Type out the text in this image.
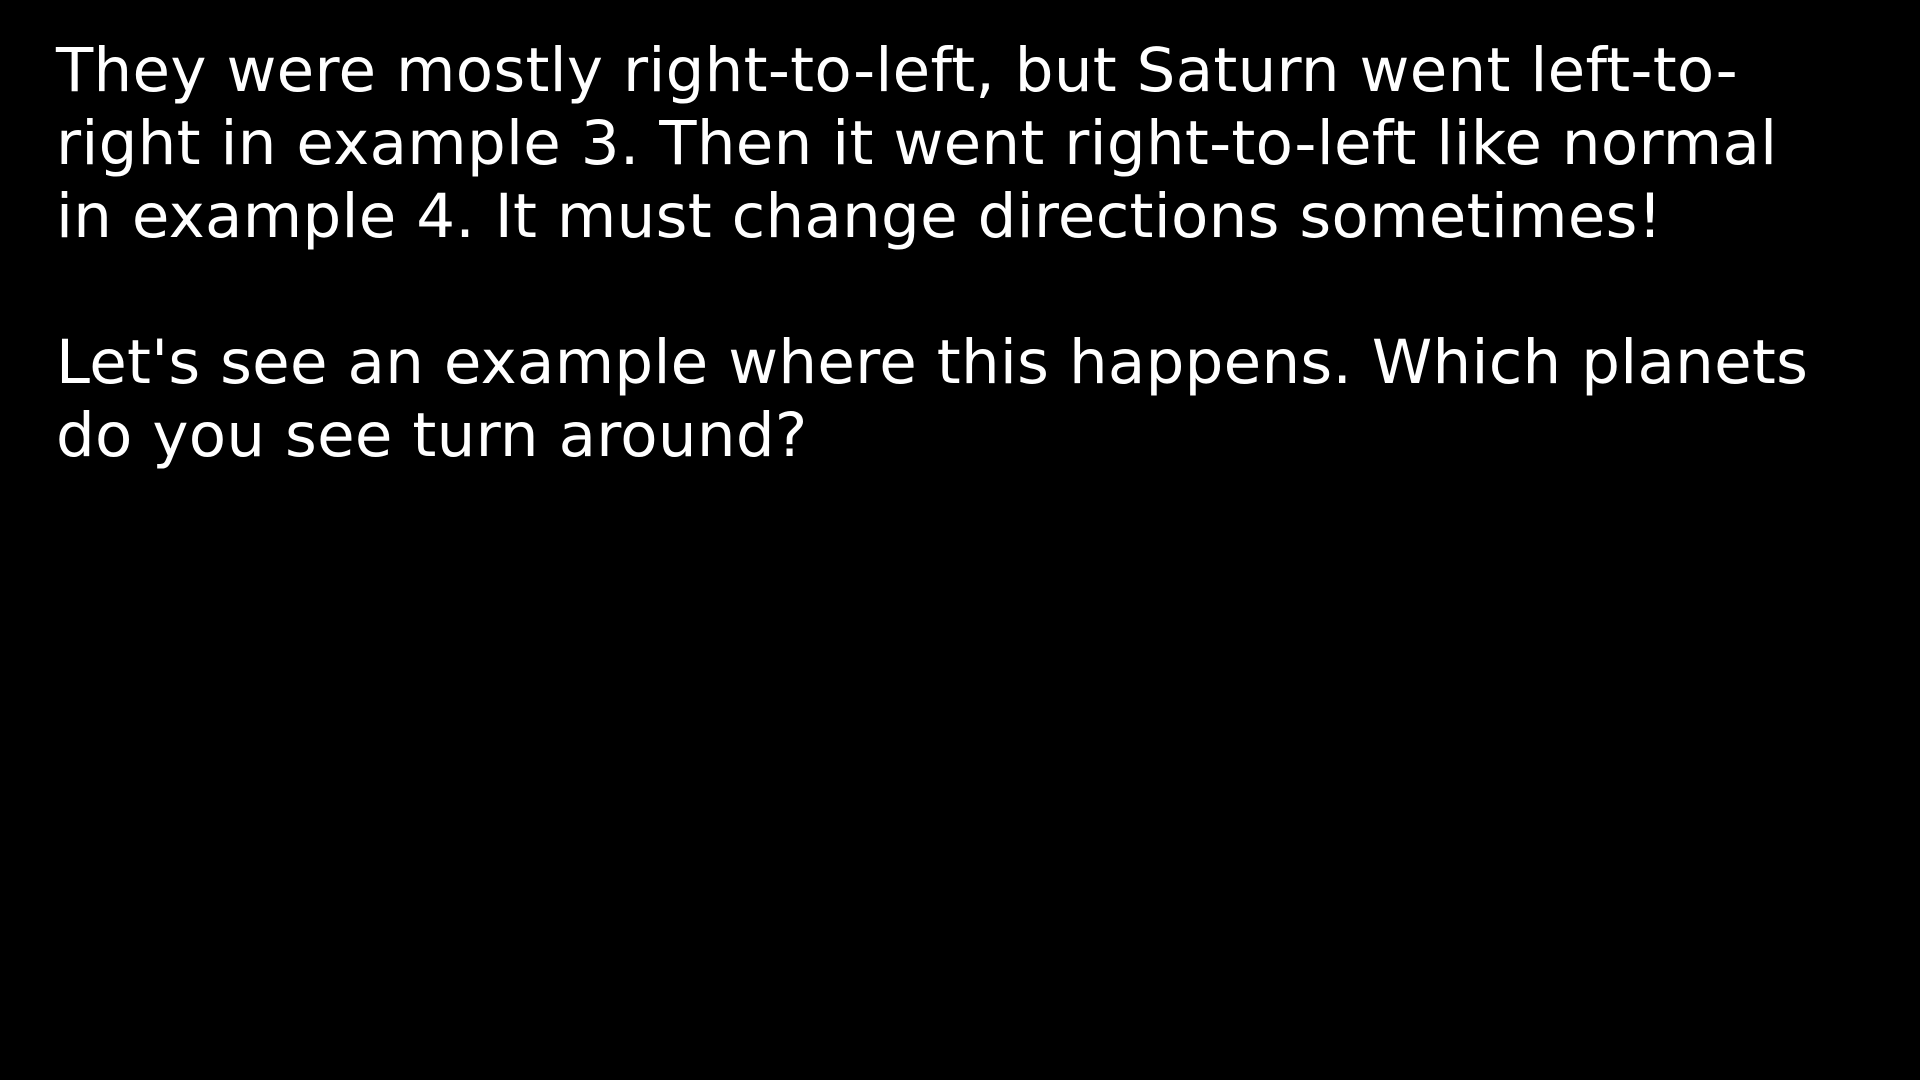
They were mostly right-to-left, but Saturn went left-to-
right in example 3. Then it went right-to-left like normal
in example 4. It must change directions sometimes!

Let's see an example where this happens. Which planets
do you see turn around?
